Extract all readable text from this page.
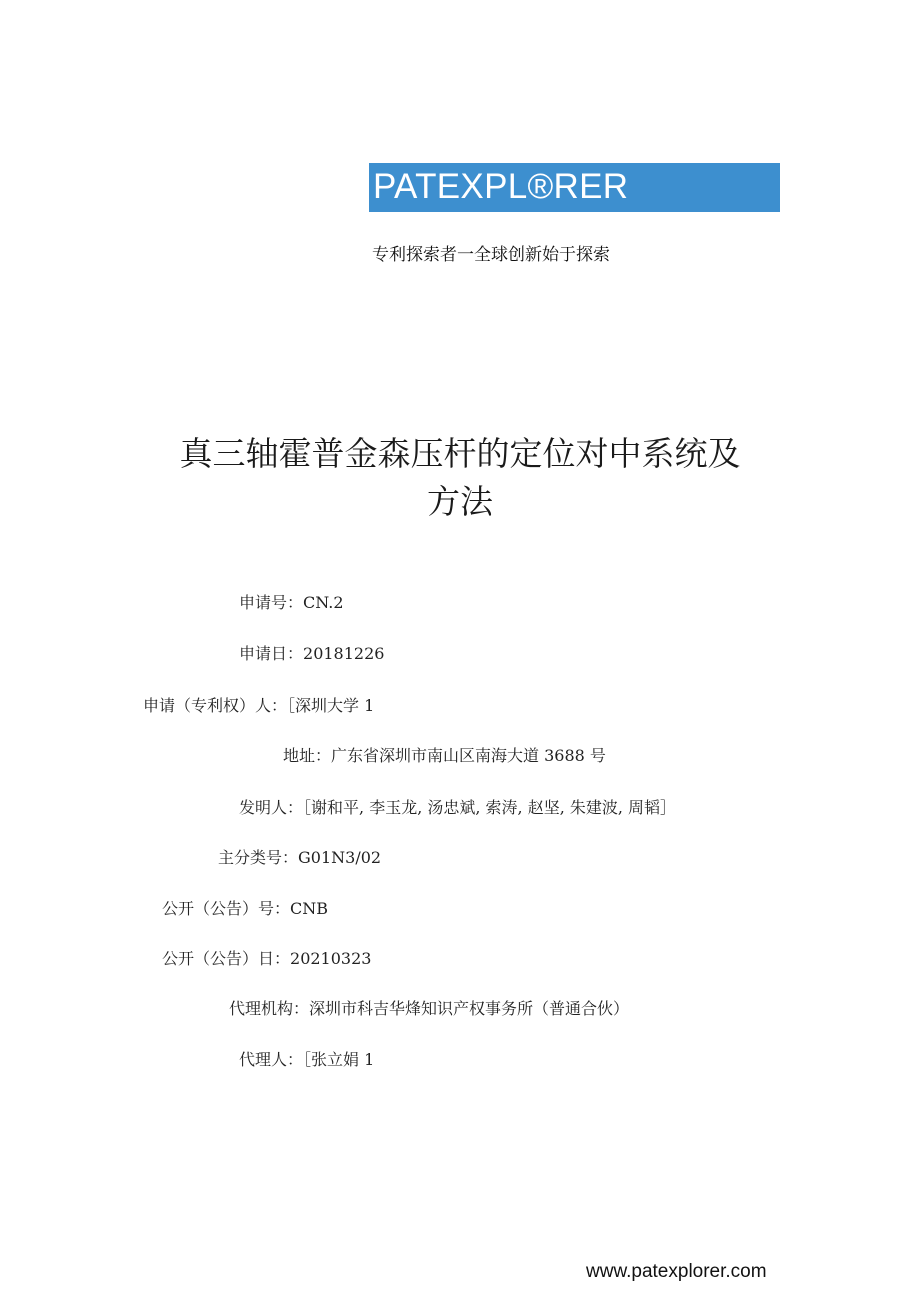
PATEXPL®RER
专利探索者一全球创新始于探索
真三轴霍普金森压杆的定位对中系统及
方法
申请号：CN.2
申请日：20181226
申请（专利权）人：［深圳大学 1
地址：广东省深圳市南山区南海大道 3688 号
发明人：［谢和平, 李玉龙, 汤忠斌, 索涛, 赵坚, 朱建波, 周韬］
主分类号：G01N3/02
公开（公告）号：CNB
公开（公告）日：20210323
代理机构：深圳市科吉华烽知识产权事务所（普通合伙）
代理人：［张立娟 1
www.patexplorer.com
